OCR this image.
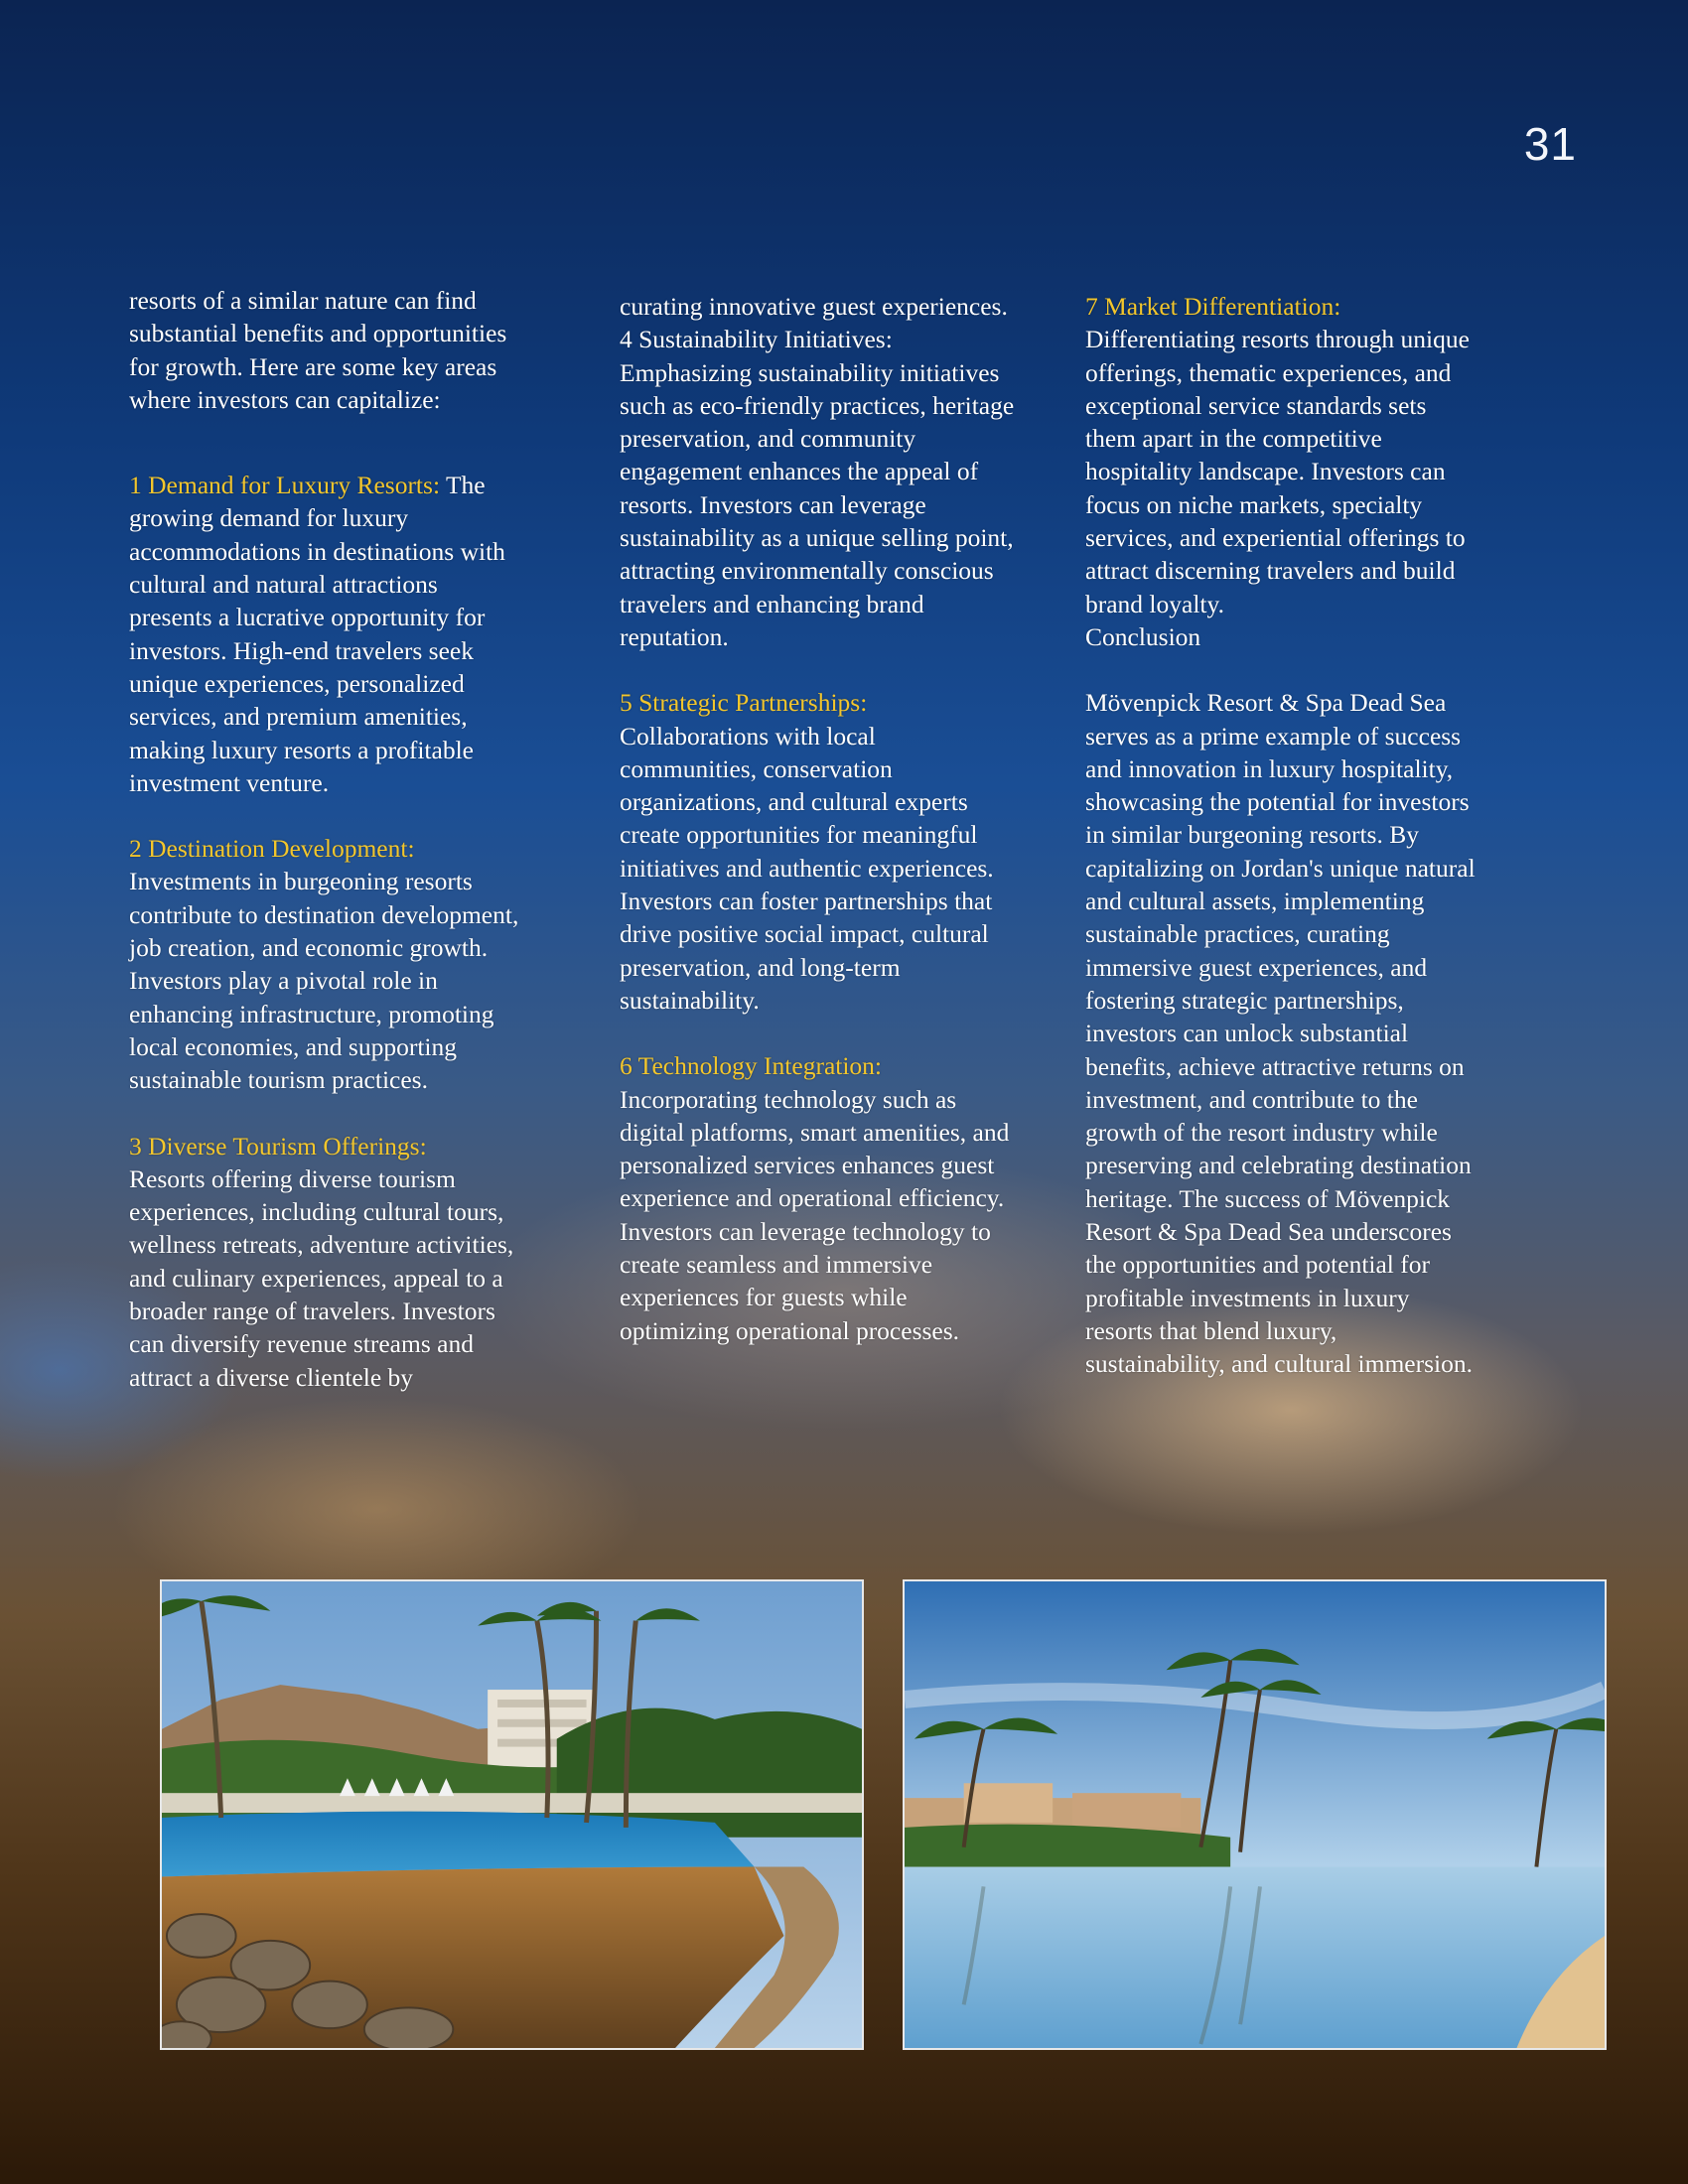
31

resorts of a similar nature can find substantial benefits and opportunities for growth. Here are some key areas where investors can capitalize:

1 Demand for Luxury Resorts: The growing demand for luxury accommodations in destinations with cultural and natural attractions presents a lucrative opportunity for investors. High-end travelers seek unique experiences, personalized services, and premium amenities, making luxury resorts a profitable investment venture.

2 Destination Development:
Investments in burgeoning resorts contribute to destination development, job creation, and economic growth. Investors play a pivotal role in enhancing infrastructure, promoting local economies, and supporting sustainable tourism practices.

3 Diverse Tourism Offerings:
Resorts offering diverse tourism experiences, including cultural tours, wellness retreats, adventure activities, and culinary experiences, appeal to a broader range of travelers. Investors can diversify revenue streams and attract a diverse clientele by

curating innovative guest experiences.

4 Sustainability Initiatives:
Emphasizing sustainability initiatives such as eco-friendly practices, heritage preservation, and community engagement enhances the appeal of resorts. Investors can leverage sustainability as a unique selling point, attracting environmentally conscious travelers and enhancing brand reputation.

5 Strategic Partnerships:
Collaborations with local communities, conservation organizations, and cultural experts create opportunities for meaningful initiatives and authentic experiences. Investors can foster partnerships that drive positive social impact, cultural preservation, and long-term sustainability.

6 Technology Integration:
Incorporating technology such as digital platforms, smart amenities, and personalized services enhances guest experience and operational efficiency. Investors can leverage technology to create seamless and immersive experiences for guests while optimizing operational processes.

7 Market Differentiation:
Differentiating resorts through unique offerings, thematic experiences, and exceptional service standards sets them apart in the competitive hospitality landscape. Investors can focus on niche markets, specialty services, and experiential offerings to attract discerning travelers and build brand loyalty.

Conclusion

Mövenpick Resort & Spa Dead Sea serves as a prime example of success and innovation in luxury hospitality, showcasing the potential for investors in similar burgeoning resorts. By capitalizing on Jordan's unique natural and cultural assets, implementing sustainable practices, curating immersive guest experiences, and fostering strategic partnerships, investors can unlock substantial benefits, achieve attractive returns on investment, and contribute to the growth of the resort industry while preserving and celebrating destination heritage. The success of Mövenpick Resort & Spa Dead Sea underscores the opportunities and potential for profitable investments in luxury resorts that blend luxury, sustainability, and cultural immersion.
